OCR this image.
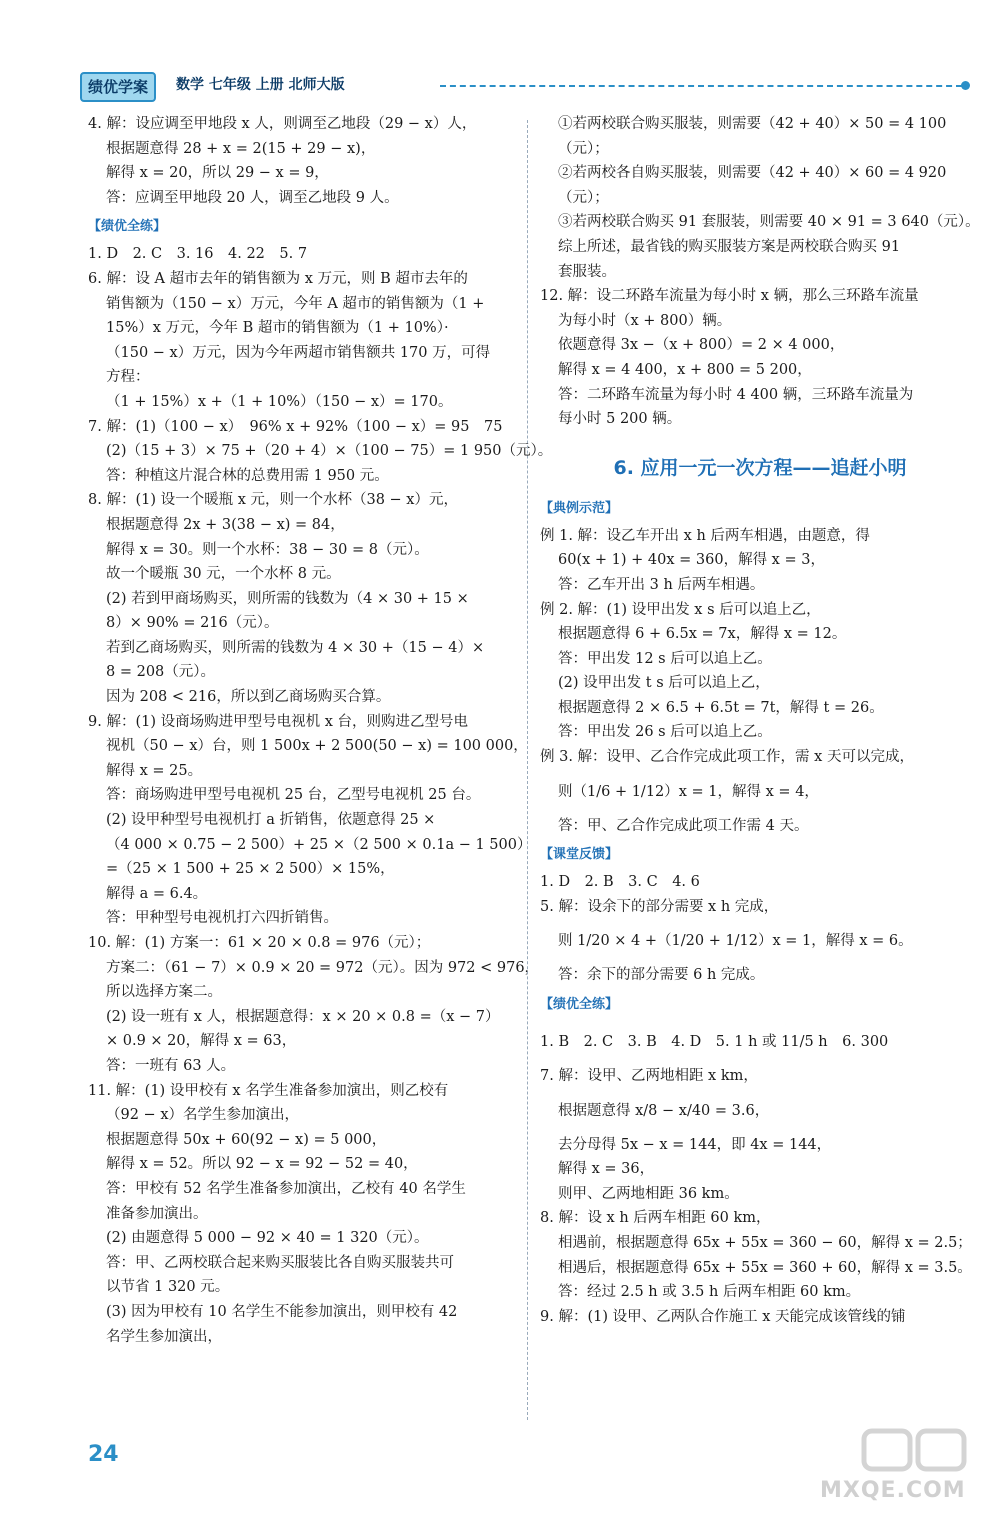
绩优学案	数学 七年级 上册 北师大版
4. 解：设应调至甲地段 x 人，则调至乙地段（29 − x）人，
根据题意得 28 + x = 2(15 + 29 − x)，
解得 x = 20，所以 29 − x = 9，
答：应调至甲地段 20 人，调至乙地段 9 人。
【绩优全练】
1. D　2. C　3. 16　4. 22　5. 7
6. 解：设 A 超市去年的销售额为 x 万元，则 B 超市去年的
销售额为（150 − x）万元，今年 A 超市的销售额为（1 +
15%）x 万元，今年 B 超市的销售额为（1 + 10%）·
（150 − x）万元，因为今年两超市销售额共 170 万，可得
方程：
（1 + 15%）x +（1 + 10%）（150 − x）= 170。
7. 解：(1)（100 − x）　96% x + 92%（100 − x）= 95　75
(2)（15 + 3）× 75 +（20 + 4）×（100 − 75）= 1 950（元）。
答：种植这片混合林的总费用需 1 950 元。
8. 解：(1) 设一个暖瓶 x 元，则一个水杯（38 − x）元，
根据题意得 2x + 3(38 − x) = 84，
解得 x = 30。则一个水杯：38 − 30 = 8（元）。
故一个暖瓶 30 元，一个水杯 8 元。
(2) 若到甲商场购买，则所需的钱数为（4 × 30 + 15 ×
8）× 90% = 216（元）。
若到乙商场购买，则所需的钱数为 4 × 30 +（15 − 4）×
8 = 208（元）。
因为 208 < 216，所以到乙商场购买合算。
9. 解：(1) 设商场购进甲型号电视机 x 台，则购进乙型号电
视机（50 − x）台，则 1 500x + 2 500(50 − x) = 100 000，
解得 x = 25。
答：商场购进甲型号电视机 25 台，乙型号电视机 25 台。
(2) 设甲种型号电视机打 a 折销售，依题意得 25 ×
（4 000 × 0.75 − 2 500）+ 25 ×（2 500 × 0.1a − 1 500）
=（25 × 1 500 + 25 × 2 500）× 15%，
解得 a = 6.4。
答：甲种型号电视机打六四折销售。
10. 解：(1) 方案一：61 × 20 × 0.8 = 976（元）；
方案二：（61 − 7）× 0.9 × 20 = 972（元）。因为 972 < 976，
所以选择方案二。
(2) 设一班有 x 人，根据题意得：x × 20 × 0.8 =（x − 7）
× 0.9 × 20，解得 x = 63，
答：一班有 63 人。
11. 解：(1) 设甲校有 x 名学生准备参加演出，则乙校有
（92 − x）名学生参加演出，
根据题意得 50x + 60(92 − x) = 5 000，
解得 x = 52。所以 92 − x = 92 − 52 = 40，
答：甲校有 52 名学生准备参加演出，乙校有 40 名学生
准备参加演出。
(2) 由题意得 5 000 − 92 × 40 = 1 320（元）。
答：甲、乙两校联合起来购买服装比各自购买服装共可
以节省 1 320 元。
(3) 因为甲校有 10 名学生不能参加演出，则甲校有 42
名学生参加演出，
①若两校联合购买服装，则需要（42 + 40）× 50 = 4 100
（元）；
②若两校各自购买服装，则需要（42 + 40）× 60 = 4 920
（元）；
③若两校联合购买 91 套服装，则需要 40 × 91 = 3 640（元）。
综上所述，最省钱的购买服装方案是两校联合购买 91
套服装。
12. 解：设二环路车流量为每小时 x 辆，那么三环路车流量
为每小时（x + 800）辆。
依题意得 3x −（x + 800）= 2 × 4 000，
解得 x = 4 400，x + 800 = 5 200，
答：二环路车流量为每小时 4 400 辆，三环路车流量为
每小时 5 200 辆。
6. 应用一元一次方程——追赶小明
【典例示范】
例 1. 解：设乙车开出 x h 后两车相遇，由题意，得
60(x + 1) + 40x = 360，解得 x = 3，
答：乙车开出 3 h 后两车相遇。
例 2. 解：(1) 设甲出发 x s 后可以追上乙，
根据题意得 6 + 6.5x = 7x，解得 x = 12。
答：甲出发 12 s 后可以追上乙。
(2) 设甲出发 t s 后可以追上乙，
根据题意得 2 × 6.5 + 6.5t = 7t，解得 t = 26。
答：甲出发 26 s 后可以追上乙。
例 3. 解：设甲、乙合作完成此项工作，需 x 天可以完成，
则（1/6 + 1/12）x = 1，解得 x = 4，
答：甲、乙合作完成此项工作需 4 天。
【课堂反馈】
1. D　2. B　3. C　4. 6
5. 解：设余下的部分需要 x h 完成，
则 1/20 × 4 +（1/20 + 1/12）x = 1，解得 x = 6。
答：余下的部分需要 6 h 完成。
【绩优全练】
1. B　2. C　3. B　4. D　5. 1 h 或 11/5 h　6. 300
7. 解：设甲、乙两地相距 x km，
根据题意得 x/8 − x/40 = 3.6，
去分母得 5x − x = 144，即 4x = 144，
解得 x = 36，
则甲、乙两地相距 36 km。
8. 解：设 x h 后两车相距 60 km，
相遇前，根据题意得 65x + 55x = 360 − 60，解得 x = 2.5；
相遇后，根据题意得 65x + 55x = 360 + 60，解得 x = 3.5。
答：经过 2.5 h 或 3.5 h 后两车相距 60 km。
9. 解：(1) 设甲、乙两队合作施工 x 天能完成该管线的铺
24
MXQE.COM
